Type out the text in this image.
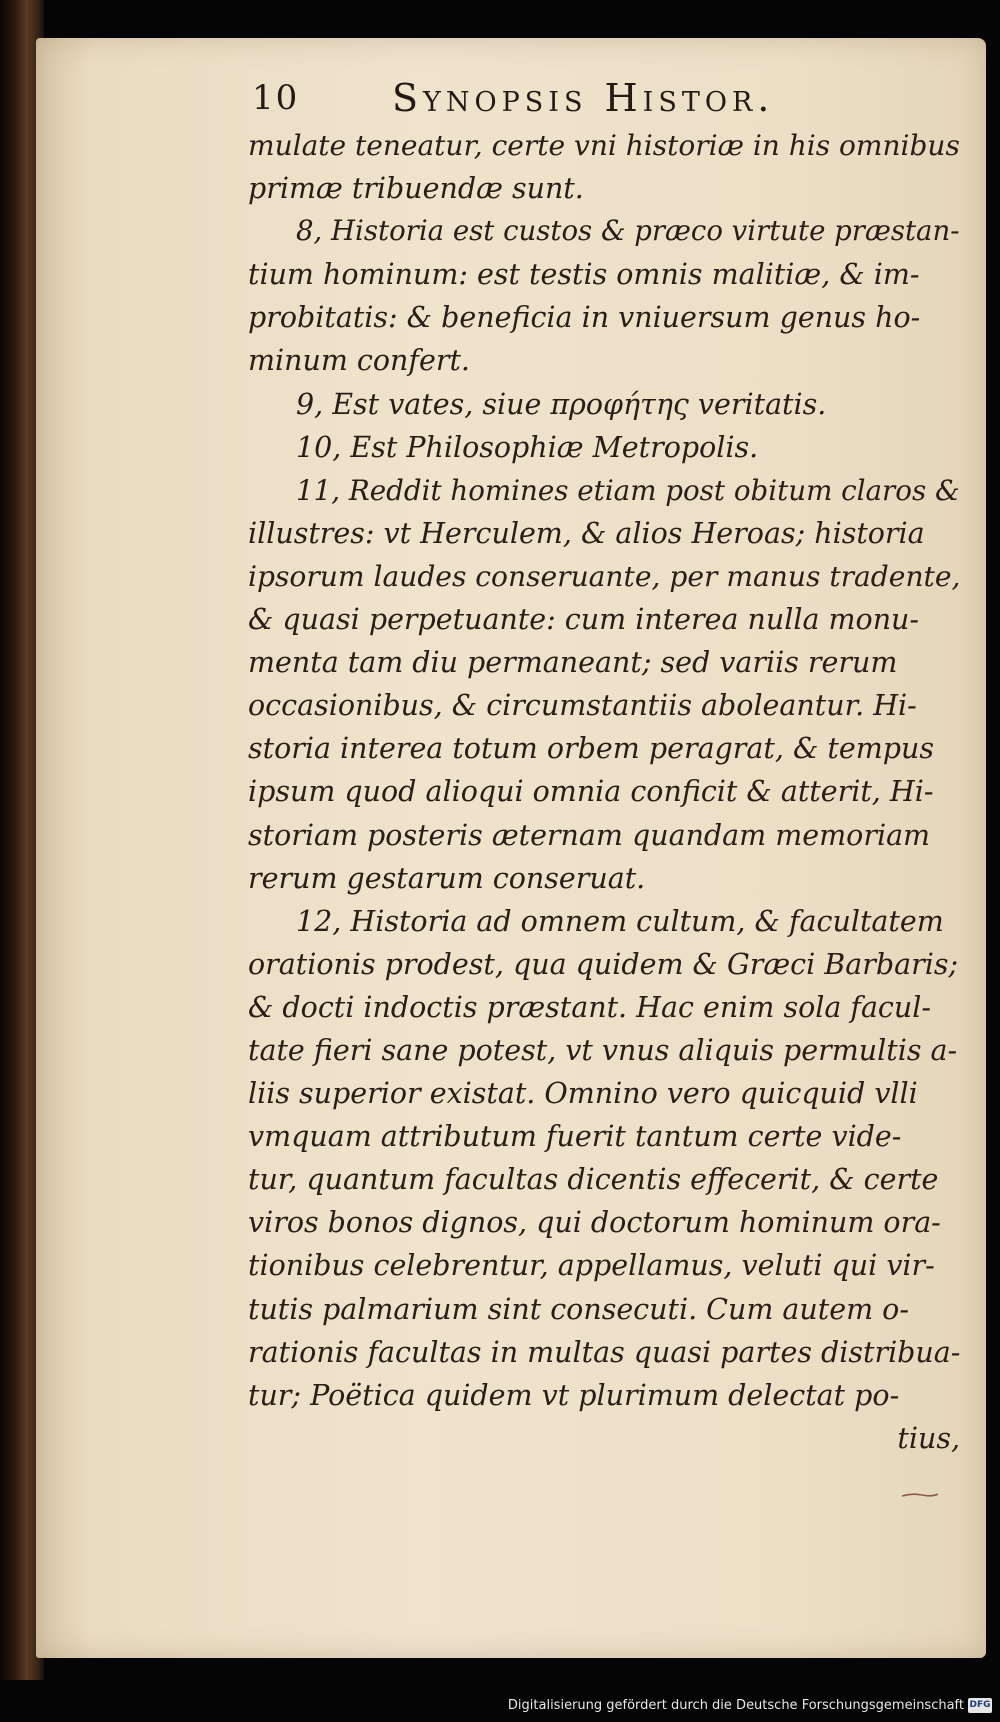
10 Synopsis Histor.
mulate teneatur, certe vni historiæ in his omnibus
primæ tribuendæ sunt.
8, Historia est custos & præco virtute præstan-
tium hominum: est testis omnis malitiæ, & im-
probitatis: & beneficia in vniuersum genus ho-
minum confert.
9, Est vates, siue προφήτης veritatis.
10, Est Philosophiæ Metropolis.
11, Reddit homines etiam post obitum claros &
illustres: vt Herculem, & alios Heroas; historia
ipsorum laudes conseruante, per manus tradente,
& quasi perpetuante: cum interea nulla monu-
menta tam diu permaneant; sed variis rerum
occasionibus, & circumstantiis aboleantur. Hi-
storia interea totum orbem peragrat, & tempus
ipsum quod alioqui omnia conficit & atterit, Hi-
storiam posteris æternam quandam memoriam
rerum gestarum conseruat.
12, Historia ad omnem cultum, & facultatem
orationis prodest, qua quidem & Græci Barbaris;
& docti indoctis præstant. Hac enim sola facul-
tate fieri sane potest, vt vnus aliquis permultis a-
liis superior existat. Omnino vero quicquid vlli
vmquam attributum fuerit tantum certe vide-
tur, quantum facultas dicentis effecerit, & certe
viros bonos dignos, qui doctorum hominum ora-
tionibus celebrentur, appellamus, veluti qui vir-
tutis palmarium sint consecuti. Cum autem o-
rationis facultas in multas quasi partes distribua-
tur; Poëtica quidem vt plurimum delectat po-
tius,
Digitalisierung gefördert durch die Deutsche Forschungsgemeinschaft DFG
